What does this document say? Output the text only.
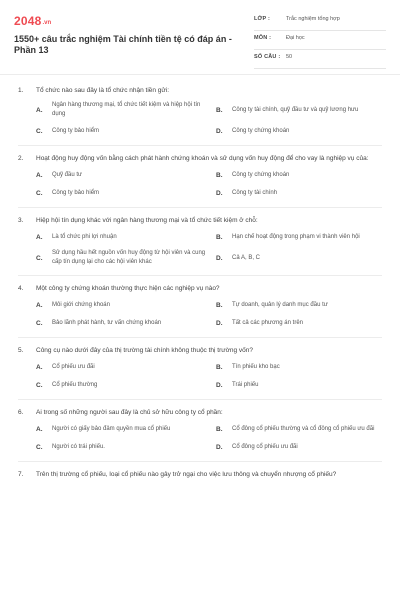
2048 .vn
1550+ câu trắc nghiệm Tài chính tiền tệ có đáp án - Phần 13
LỚP :	Trắc nghiệm tổng hợp
MÔN :	Đại học
SỐ CÂU : 50
1.	Tổ chức nào sau đây là tổ chức nhận tiền gửi:
A.
Ngân hàng thương mại, tổ chức tiết kiệm và hiệp hội tín dụng
B.	Công ty tài chính, quỹ đầu tư và quỹ lương hưu
C.	Công ty bảo hiểm	D.	Công ty chứng khoán
2.	Hoạt động huy động vốn bằng cách phát hành chứng khoán và sử dụng vốn huy động để cho vay là nghiệp vụ của:
A.	Quỹ đầu tư	B.	Công ty chứng khoán
C.	Công ty bảo hiểm	D.	Công ty tài chính
3.	Hiệp hội tín dụng khác với ngân hàng thương mại và tổ chức tiết kiệm ở chỗ:
A.	Là tổ chức phi lợi nhuận	B.	Hạn chế hoạt động trong phạm vi thành viên hội
C.
Sử dụng hầu hết nguồn vốn huy động từ hội viên và cung cấp tín dụng lại cho các hội viên khác
D.	Cả A, B, C
4.	Một công ty chứng khoán thường thực hiện các nghiệp vụ nào?
A.	Môi giới chứng khoán	B.	Tự doanh, quản lý danh mục đầu tư
C.	Bảo lãnh phát hành, tư vấn chứng khoán	D.	Tất cả các phương án trên
5.	Công cụ nào dưới đây của thị trường tài chính không thuộc thị trường vốn?
A.	Cổ phiếu ưu đãi	B.	Tín phiếu kho bạc
C.	Cổ phiếu thường	D.	Trái phiếu
6.	Ai trong số những người sau đây là chủ sở hữu công ty cổ phần:
A.	Người có giấy bảo đảm quyền mua cổ phiếu	B.	Cổ đông cổ phiếu thường và cổ đông cổ phiếu ưu đãi
C.	Người có trái phiếu.	D.	Cổ đông cổ phiếu ưu đãi
7.	Trên thị trường cổ phiếu, loại cổ phiếu nào gây trở ngại cho việc lưu thông và chuyển nhượng cổ phiếu?
